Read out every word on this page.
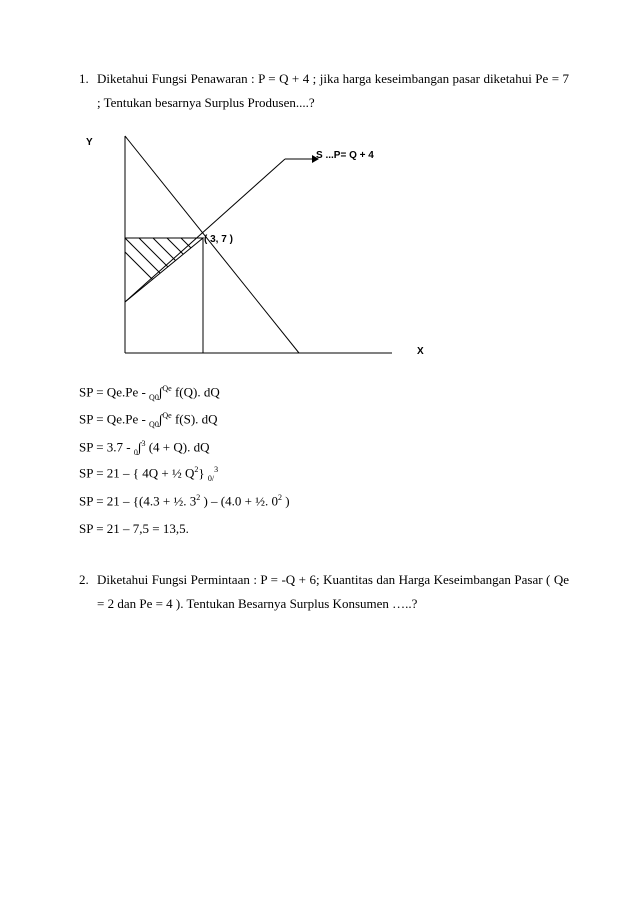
1. Diketahui Fungsi Penawaran : P = Q + 4 ; jika harga keseimbangan pasar diketahui Pe = 7 ; Tentukan besarnya Surplus Produsen....?
Y
X
S ...P= Q + 4
( 3, 7 )
SP = Qe.Pe - $_{Q0}$∫$^{Qe}$ f(Q). dQ
SP = Qe.Pe - $_{Q0}$∫$^{Qe}$ f(S). dQ
SP = 3.7 - $_0$∫$^3$ (4 + Q). dQ
SP = 21 – { 4Q + ½ $Q^2$} $_{0/}^3$
SP = 21 – {(4.3 + ½. $3^2$ ) – (4.0 + ½. $0^2$ )
SP = 21 – 7,5 = 13,5.
2. Diketahui Fungsi Permintaan : P = -Q + 6; Kuantitas dan Harga Keseimbangan Pasar ( Qe = 2 dan Pe = 4 ). Tentukan Besarnya Surplus Konsumen …..?
